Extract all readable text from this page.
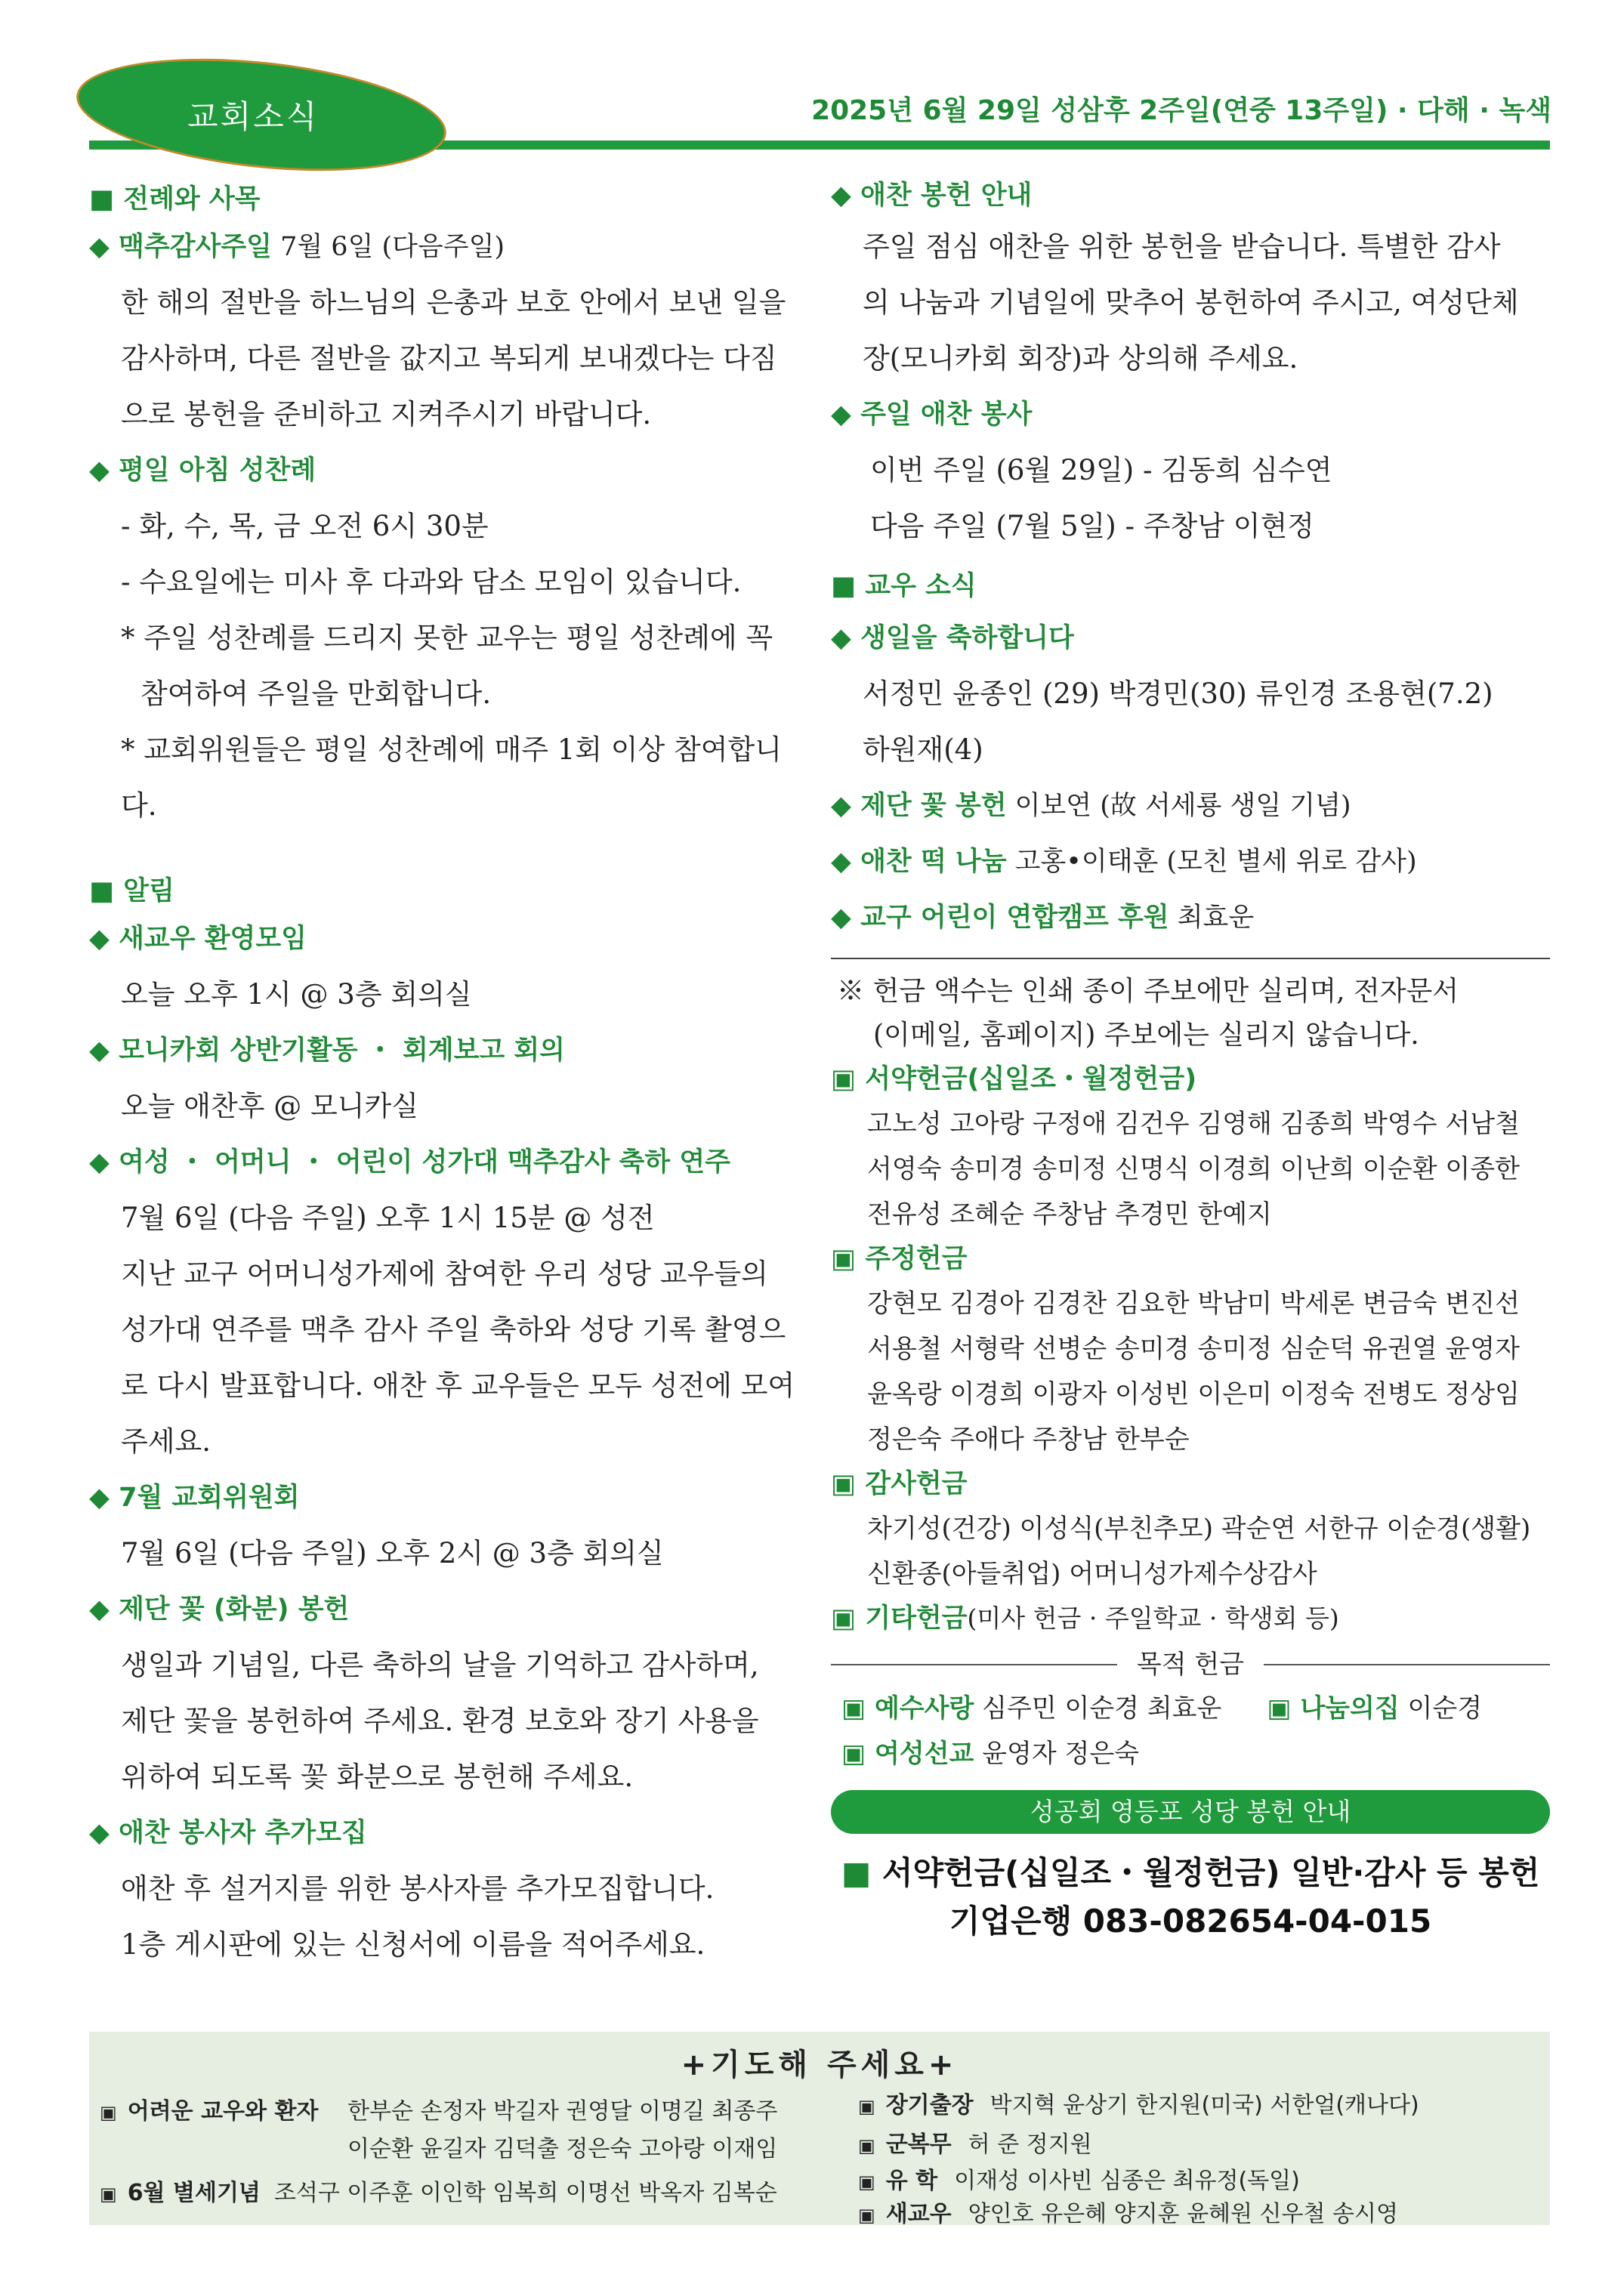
교회소식	2025년 6월 29일 성삼후 2주일(연중 13주일) · 다해 · 녹색
■ 전례와 사목
◆ 맥추감사주일 7월 6일 (다음주일)
한 해의 절반을 하느님의 은총과 보호 안에서 보낸 일을
감사하며, 다른 절반을 값지고 복되게 보내겠다는 다짐
으로 봉헌을 준비하고 지켜주시기 바랍니다.
◆ 평일 아침 성찬례
- 화, 수, 목, 금 오전 6시 30분
- 수요일에는 미사 후 다과와 담소 모임이 있습니다.
* 주일 성찬례를 드리지 못한 교우는 평일 성찬례에 꼭
참여하여 주일을 만회합니다.
* 교회위원들은 평일 성찬례에 매주 1회 이상 참여합니다.
■ 알림
◆ 새교우 환영모임
오늘 오후 1시 @ 3층 회의실
◆ 모니카회 상반기활동 ・ 회계보고 회의
오늘 애찬후 @ 모니카실
◆ 여성 ・ 어머니 ・ 어린이 성가대 맥추감사 축하 연주
7월 6일 (다음 주일) 오후 1시 15분 @ 성전
지난 교구 어머니성가제에 참여한 우리 성당 교우들의
성가대 연주를 맥추 감사 주일 축하와 성당 기록 촬영으
로 다시 발표합니다. 애찬 후 교우들은 모두 성전에 모여
주세요.
◆ 7월 교회위원회
7월 6일 (다음 주일) 오후 2시 @ 3층 회의실
◆ 제단 꽃 (화분) 봉헌
생일과 기념일, 다른 축하의 날을 기억하고 감사하며,
제단 꽃을 봉헌하여 주세요. 환경 보호와 장기 사용을
위하여 되도록 꽃 화분으로 봉헌해 주세요.
◆ 애찬 봉사자 추가모집
애찬 후 설거지를 위한 봉사자를 추가모집합니다.
1층 게시판에 있는 신청서에 이름을 적어주세요.
◆ 애찬 봉헌 안내
주일 점심 애찬을 위한 봉헌을 받습니다. 특별한 감사
의 나눔과 기념일에 맞추어 봉헌하여 주시고, 여성단체
장(모니카회 회장)과 상의해 주세요.
◆ 주일 애찬 봉사
이번 주일 (6월 29일) - 김동희 심수연
다음 주일 (7월 5일) - 주창남 이현정
■ 교우 소식
◆ 생일을 축하합니다
서정민 윤종인 (29) 박경민(30) 류인경 조용현(7.2)
하원재(4)
◆ 제단 꽃 봉헌 이보연 (故 서세룡 생일 기념)
◆ 애찬 떡 나눔 고홍•이태훈 (모친 별세 위로 감사)
◆ 교구 어린이 연합캠프 후원 최효운
※ 헌금 액수는 인쇄 종이 주보에만 실리며, 전자문서
(이메일, 홈페이지) 주보에는 실리지 않습니다.
▣ 서약헌금(십일조・월정헌금)
고노성 고아랑 구정애 김건우 김영해 김종희 박영수 서남철
서영숙 송미경 송미정 신명식 이경희 이난희 이순환 이종한
전유성 조혜순 주창남 추경민 한예지
▣ 주정헌금
강현모 김경아 김경찬 김요한 박남미 박세론 변금숙 변진선
서용철 서형락 선병순 송미경 송미정 심순덕 유권열 윤영자
윤옥랑 이경희 이광자 이성빈 이은미 이정숙 전병도 정상임
정은숙 주애다 주창남 한부순
▣ 감사헌금
차기성(건강) 이성식(부친추모) 곽순연 서한규 이순경(생활)
신환종(아들취업) 어머니성가제수상감사
▣ 기타헌금(미사 헌금 · 주일학교 · 학생회 등)
목적 헌금
▣ 예수사랑 심주민 이순경 최효운 ▣ 나눔의집 이순경
▣ 여성선교 윤영자 정은숙
성공회 영등포 성당 봉헌 안내
■ 서약헌금(십일조・월정헌금) 일반·감사 등 봉헌
기업은행 083-082654-04-015
+기도해 주세요+
▣ 어려운 교우와 환자 한부순 손정자 박길자 권영달 이명길 최종주
이순환 윤길자 김덕출 정은숙 고아랑 이재임
▣ 6월 별세기념 조석구 이주훈 이인학 임복희 이명선 박옥자 김복순
▣ 장기출장 박지혁 윤상기 한지원(미국) 서한얼(캐나다)
▣ 군복무 허 준 정지원
▣ 유 학 이재성 이사빈 심종은 최유정(독일)
▣ 새교우 양인호 유은혜 양지훈 윤혜원 신우철 송시영
